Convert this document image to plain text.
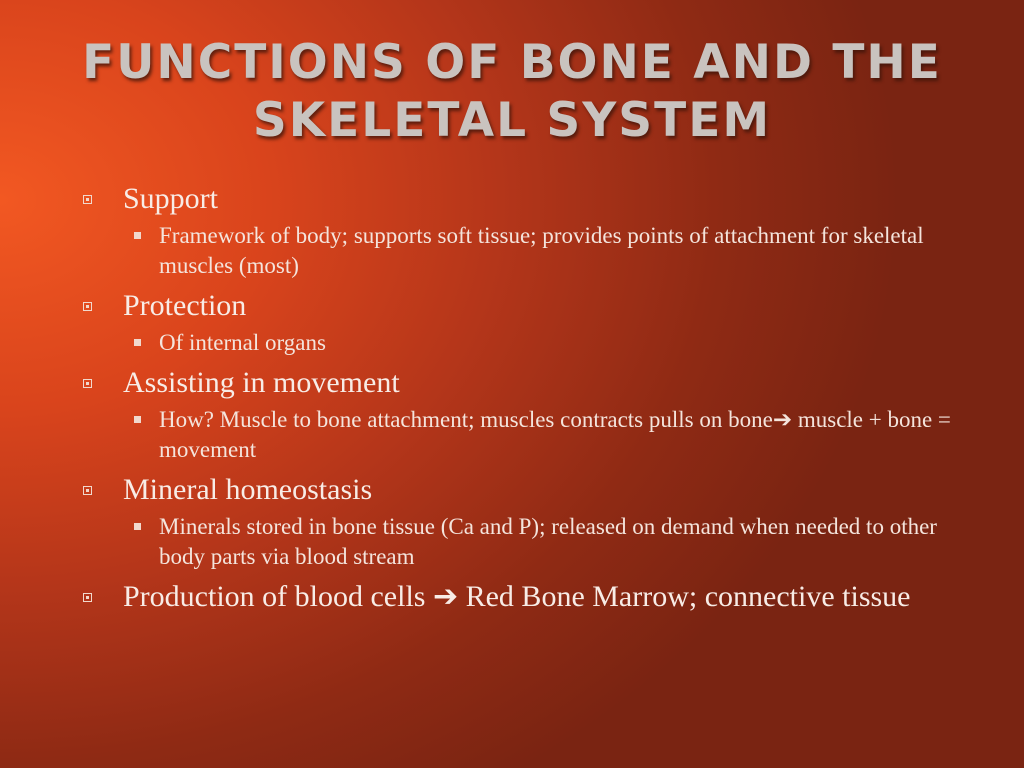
FUNCTIONS OF BONE AND THE
SKELETAL SYSTEM
Support
Framework of body; supports soft tissue; provides points of attachment for skeletal muscles (most)
Protection
Of internal organs
Assisting in movement
How? Muscle to bone attachment; muscles contracts pulls on bone➔ muscle + bone = movement
Mineral homeostasis
Minerals stored in bone tissue (Ca and P); released on demand when needed to other body parts via blood stream
Production of blood cells ➔ Red Bone Marrow; connective tissue
